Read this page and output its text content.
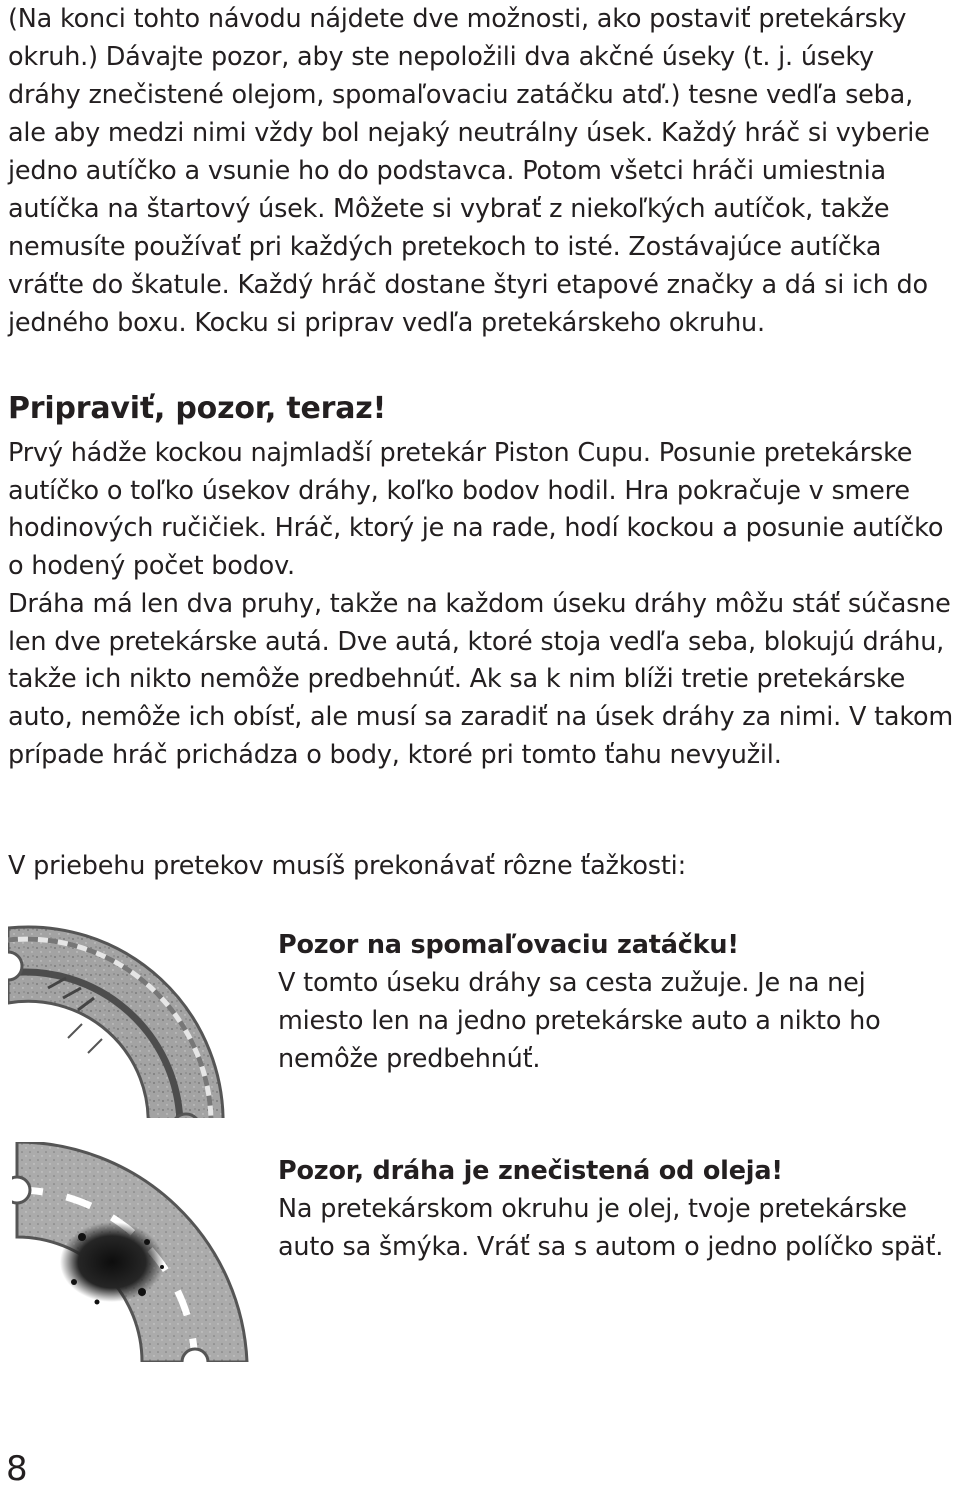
(Na konci tohto návodu nájdete dve možnosti, ako postaviť pretekársky okruh.) Dávajte pozor, aby ste nepoložili dva akčné úseky (t. j. úseky dráhy znečistené olejom, spomaľovaciu zatáčku atď.) tesne vedľa seba, ale aby medzi nimi vždy bol nejaký neutrálny úsek. Každý hráč si vyberie jedno autíčko a vsunie ho do podstavca. Potom všetci hráči umiestnia autíčka na štartový úsek. Môžete si vybrať z niekoľkých autíčok, takže nemusíte používať pri každých pretekoch to isté. Zostávajúce autíčka vráťte do škatule. Každý hráč dostane štyri etapové značky a dá si ich do jedného boxu. Kocku si priprav vedľa pretekárskeho okruhu.

Pripraviť, pozor, teraz!

Prvý hádže kockou najmladší pretekár Piston Cupu. Posunie pretekárske autíčko o toľko úsekov dráhy, koľko bodov hodil. Hra pokračuje v smere hodinových ručičiek. Hráč, ktorý je na rade, hodí kockou a posunie autíčko o hodený počet bodov.

Dráha má len dva pruhy, takže na každom úseku dráhy môžu stáť súčasne len dve pretekárske autá. Dve autá, ktoré stoja vedľa seba, blokujú dráhu, takže ich nikto nemôže predbehnúť. Ak sa k nim blíži tretie pretekárske auto, nemôže ich obísť, ale musí sa zaradiť na úsek dráhy za nimi. V takom prípade hráč prichádza o body, ktoré pri tomto ťahu nevyužil.

V priebehu pretekov musíš prekonávať rôzne ťažkosti:

Pozor na spomaľovaciu zatáčku!
V tomto úseku dráhy sa cesta zužuje. Je na nej miesto len na jedno pretekárske auto a nikto ho nemôže predbehnúť.
Pozor, dráha je znečistená od oleja!
Na pretekárskom okruhu je olej, tvoje pretekárske auto sa šmýka. Vráť sa s autom o jedno políčko späť.

8
